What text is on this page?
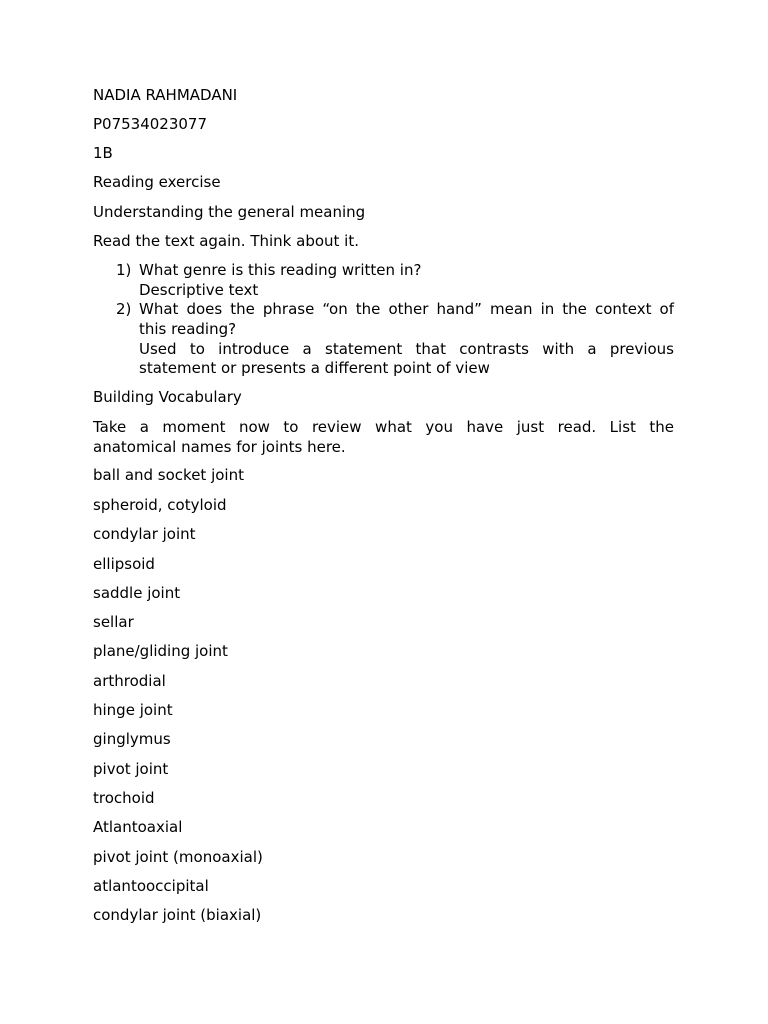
NADIA RAHMADANI
P07534023077
1B
Reading exercise
Understanding the general meaning
Read the text again. Think about it.
1) What genre is this reading written in?
Descriptive text
2) What does the phrase “on the other hand” mean in the context of
this reading?
Used to introduce a statement that contrasts with a previous
statement or presents a different point of view
Building Vocabulary
Take a moment now to review what you have just read. List the
anatomical names for joints here.
ball and socket joint
spheroid, cotyloid
condylar joint
ellipsoid
saddle joint
sellar
plane/gliding joint
arthrodial
hinge joint
ginglymus
pivot joint
trochoid
Atlantoaxial
pivot joint (monoaxial)
atlantooccipital
condylar joint (biaxial)
